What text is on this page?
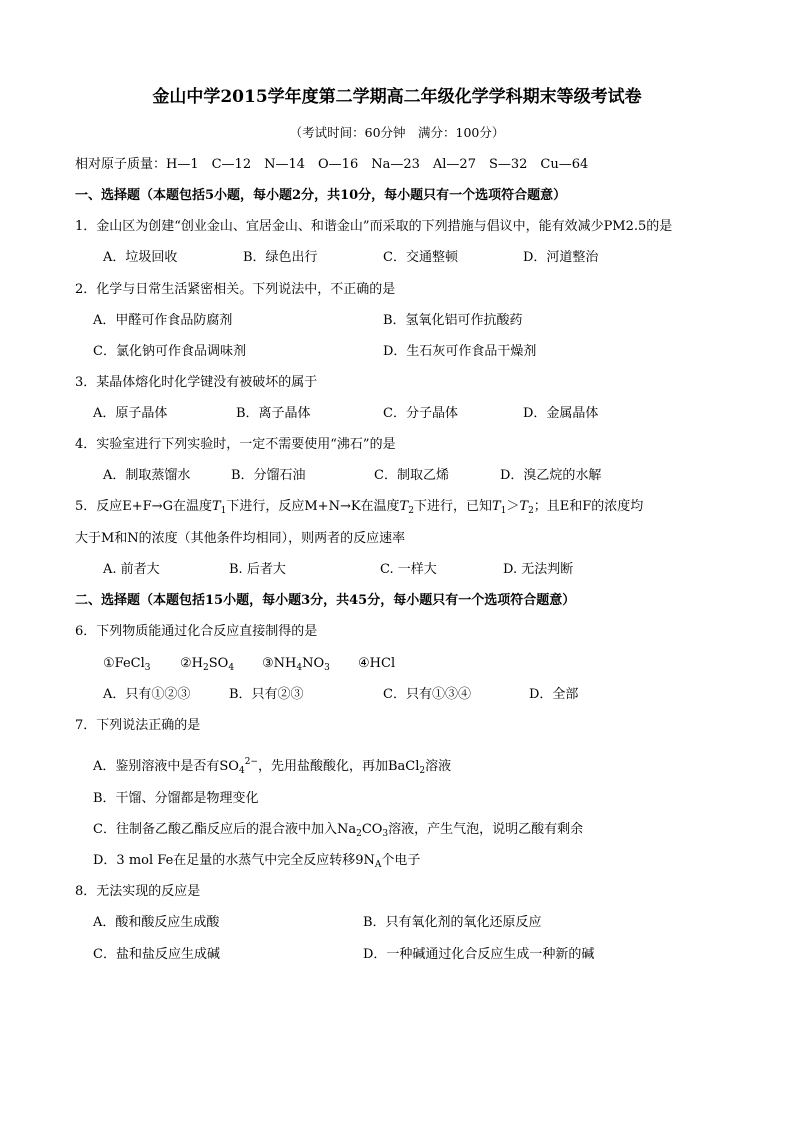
金山中学2015学年度第二学期高二年级化学学科期末等级考试卷
（考试时间：60分钟　满分：100分）
相对原子质量：H—1　C—12　N—14　O—16　Na—23　Al—27　S—32　Cu—64
一、选择题（本题包括5小题，每小题2分，共10分，每小题只有一个选项符合题意）
1．金山区为创建“创业金山、宜居金山、和谐金山”而采取的下列措施与倡议中，能有效减少PM2.5的是
A．垃圾回收	B．绿色出行	C．交通整顿	D．河道整治
2．化学与日常生活紧密相关。下列说法中，不正确的是
A．甲醛可作食品防腐剂	B．氢氧化铝可作抗酸药
C．氯化钠可作食品调味剂	D．生石灰可作食品干燥剂
3．某晶体熔化时化学键没有被破坏的属于
A．原子晶体	B．离子晶体	C．分子晶体	D．金属晶体
4．实验室进行下列实验时，一定不需要使用“沸石”的是
A．制取蒸馏水	B．分馏石油	C．制取乙烯	D．溴乙烷的水解
5．反应E+F→G在温度$T_1$下进行，反应M+N→K在温度$T_2$下进行，已知$T_1>T_2$；且E和F的浓度均
大于M和N的浓度（其他条件均相同），则两者的反应速率
A. 前者大	B. 后者大	C. 一样大	D. 无法判断
二、选择题（本题包括15小题，每小题3分，共45分，每小题只有一个选项符合题意）
6．下列物质能通过化合反应直接制得的是
①FeCl$_3$ $②H_2SO_4$ $③NH_4NO_3$ ④HCl
A．只有①②③	B．只有②③	C．只有①③④	D．全部
7．下列说法正确的是
A．鉴别溶液中是否有$SO_4^{2-}$，先用盐酸酸化，再加BaCl$_2$溶液
B．干馏、分馏都是物理变化
C．往制备乙酸乙酯反应后的混合液中加入$Na_2CO_3$溶液，产生气泡，说明乙酸有剩余
D．3 mol Fe在足量的水蒸气中完全反应转移$9N_A$个电子
8．无法实现的反应是
A．酸和酸反应生成酸	B．只有氧化剂的氧化还原反应
C．盐和盐反应生成碱	D．一种碱通过化合反应生成一种新的碱
